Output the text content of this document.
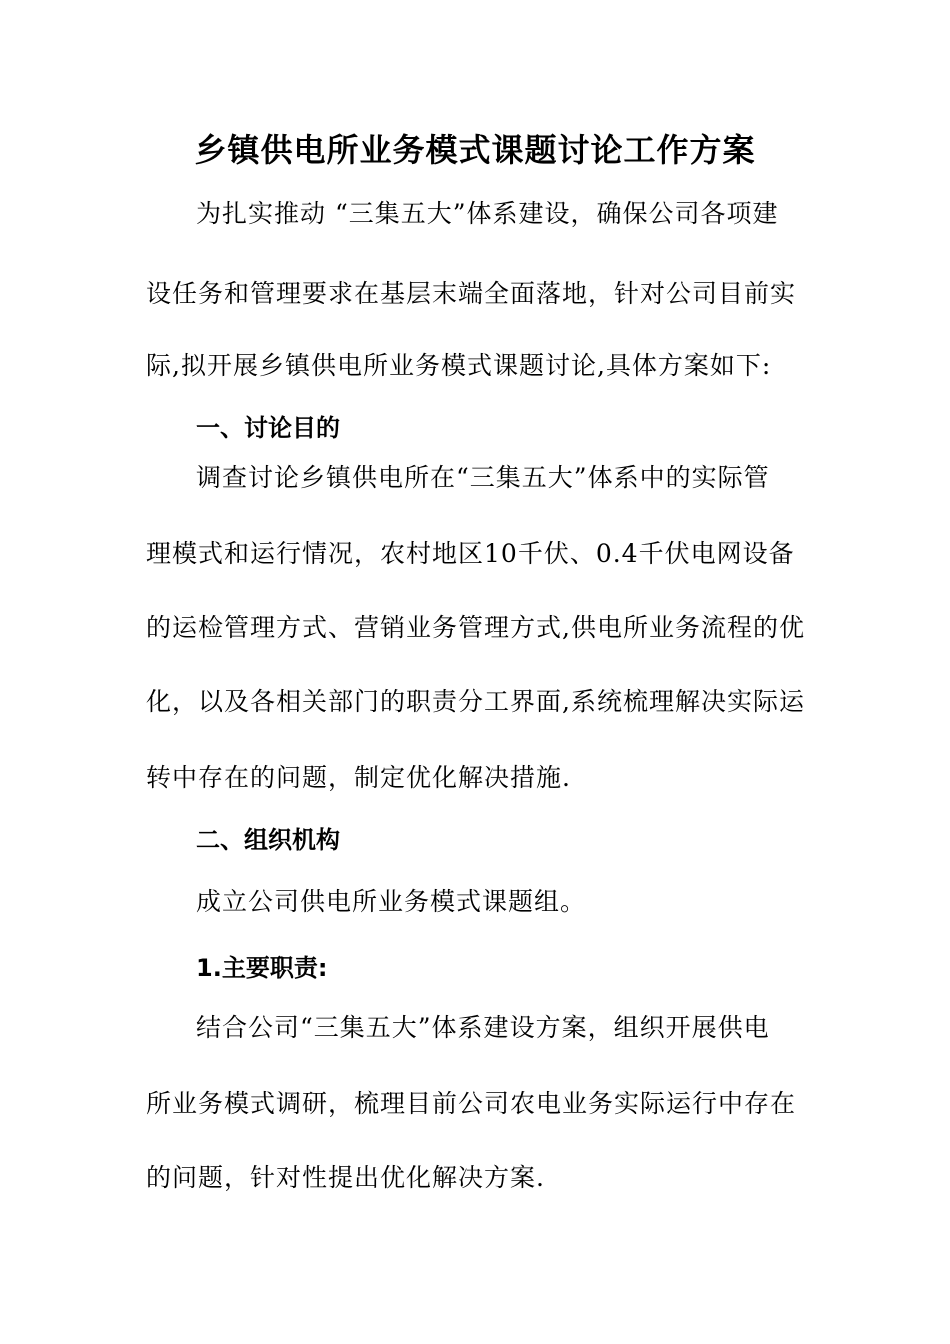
乡镇供电所业务模式课题讨论工作方案
为扎实推动 “三集五大”体系建设，确保公司各项建
设任务和管理要求在基层末端全面落地，针对公司目前实
际,拟开展乡镇供电所业务模式课题讨论,具体方案如下:
一、讨论目的
调查讨论乡镇供电所在“三集五大”体系中的实际管
理模式和运行情况，农村地区10千伏、0.4千伏电网设备
的运检管理方式、营销业务管理方式,供电所业务流程的优
化，以及各相关部门的职责分工界面,系统梳理解决实际运
转中存在的问题，制定优化解决措施.
二、组织机构
成立公司供电所业务模式课题组。
1.主要职责:
结合公司“三集五大”体系建设方案，组织开展供电
所业务模式调研，梳理目前公司农电业务实际运行中存在
的问题，针对性提出优化解决方案.
